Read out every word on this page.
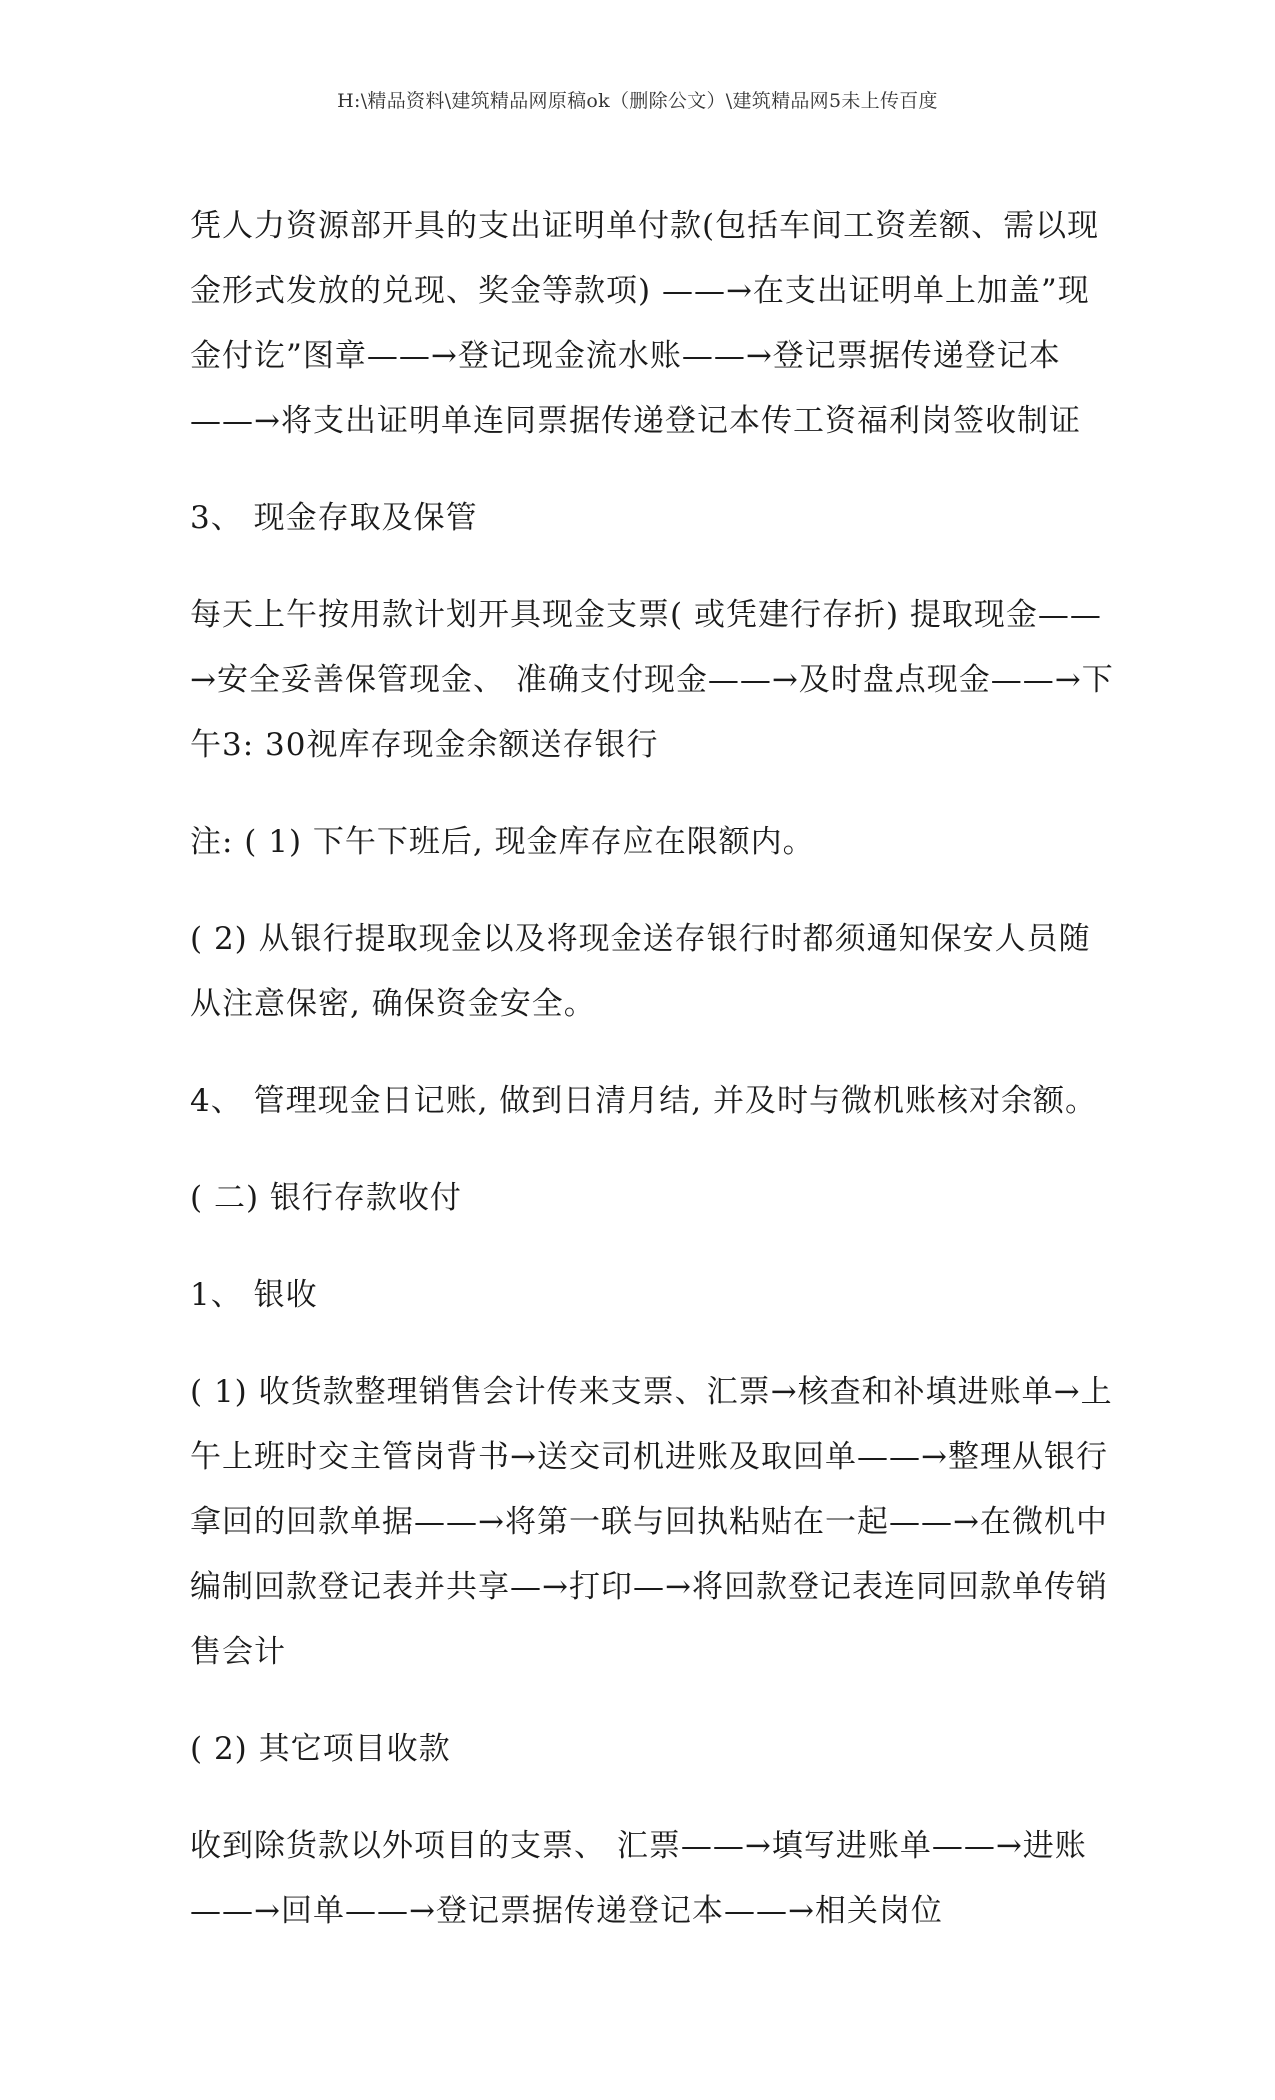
H:\精品资料\建筑精品网原稿ok（删除公文）\建筑精品网5未上传百度

凭人力资源部开具的支出证明单付款(包括车间工资差额、需以现金形式发放的兑现、奖金等款项) ——→在支出证明单上加盖”现金付讫”图章——→登记现金流水账——→登记票据传递登记本——→将支出证明单连同票据传递登记本传工资福利岗签收制证

3、 现金存取及保管

每天上午按用款计划开具现金支票( 或凭建行存折) 提取现金——→安全妥善保管现金、 准确支付现金——→及时盘点现金——→下午3: 30视库存现金余额送存银行

注: ( 1) 下午下班后, 现金库存应在限额内。

( 2) 从银行提取现金以及将现金送存银行时都须通知保安人员随从注意保密, 确保资金安全。

4、 管理现金日记账, 做到日清月结, 并及时与微机账核对余额。

( 二) 银行存款收付

1、 银收

( 1) 收货款整理销售会计传来支票、汇票→核查和补填进账单→上午上班时交主管岗背书→送交司机进账及取回单——→整理从银行拿回的回款单据——→将第一联与回执粘贴在一起——→在微机中编制回款登记表并共享—→打印—→将回款登记表连同回款单传销售会计

( 2) 其它项目收款

收到除货款以外项目的支票、 汇票——→填写进账单——→进账——→回单——→登记票据传递登记本——→相关岗位
